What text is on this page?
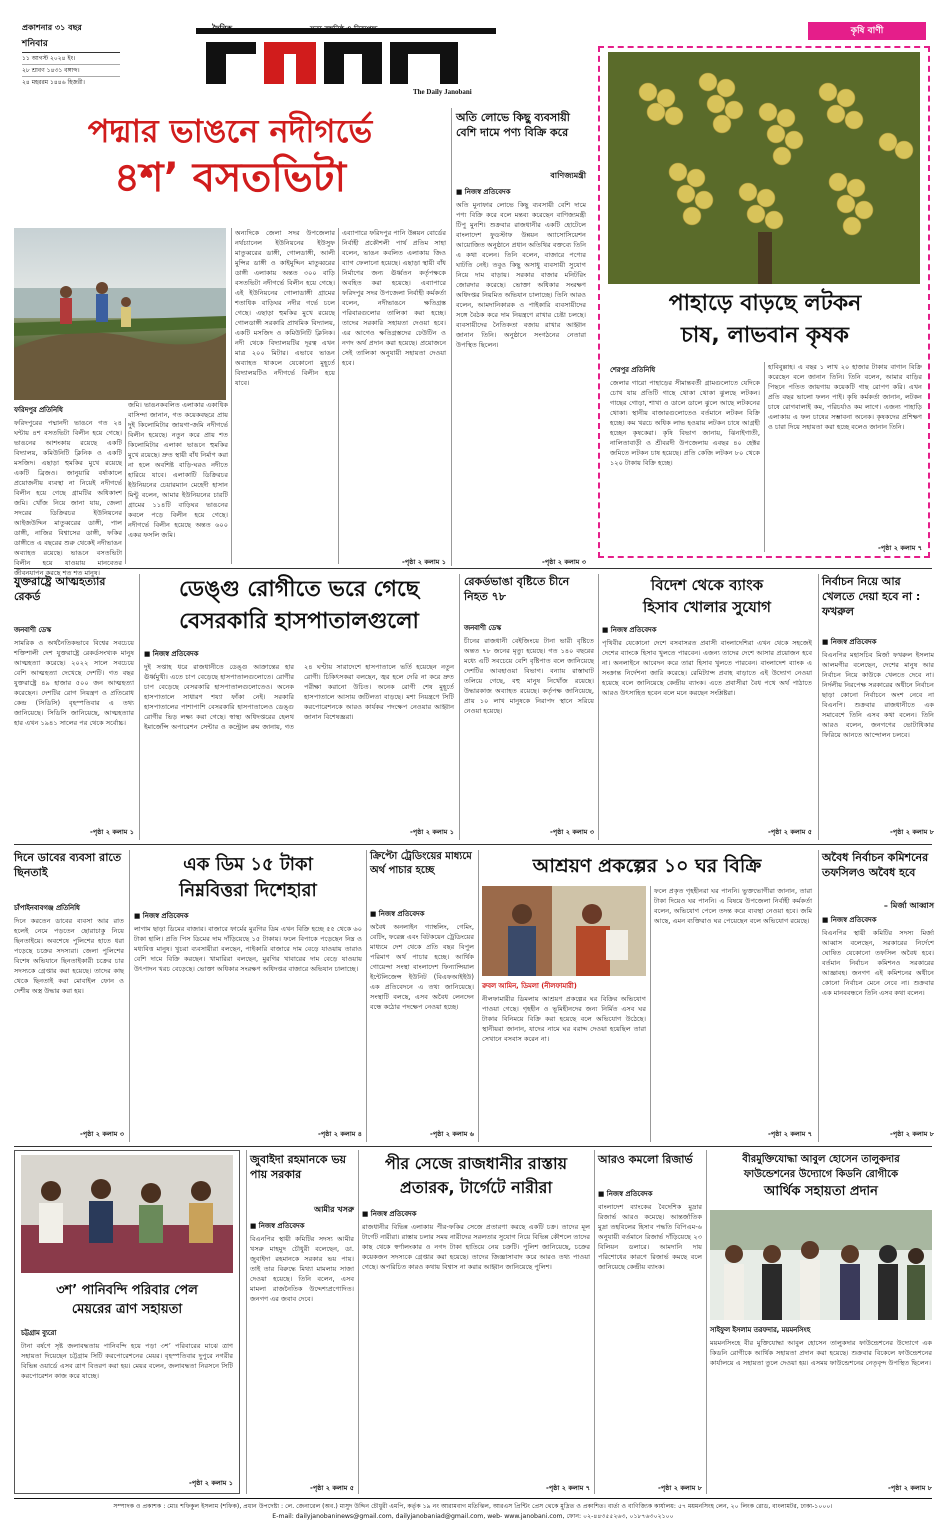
প্রকাশনার ৩১ বছর
শনিবার
১১ আগস্ট ২০২৪ ইং।
২৮ শ্রাবণ ১৪৩১ বঙ্গাব্দ।
২৪ মহররম ১৪৪৬ হিজরী।
The Daily Janobani
কৃষি বাণী
পদ্মার ভাঙনে নদীগর্ভে
৪শ’ বসতভিটা
ফরিদপুর প্রতিনিধি
ফরিদপুরের পদ্মানদী ভাঙনে গত ২৪ ঘন্টায় ৪শ বসতভিটা বিলীন হয়ে গেছে। ভাঙনের আশংকায় রয়েছে একটি বিদ্যালয়, কমিউনিটি ক্লিনিক ও একটি মসজিদ। এছাড়া হুমকির মুখে রয়েছে একটি ব্রিজও। জানুয়ারি বর্ষাকালে প্রয়োজনীয় ব্যবস্থা না নিয়েই নদীগর্ভে বিলীন হয়ে গেছে গ্রামটির অধিকাংশ জমি। খোঁজ নিয়ে জানা যায়, জেলা সদরের ডিক্রিরচর ইউনিয়নের আইজউদ্দিন মাতুব্বরের ডাঙ্গী, পাল ডাঙ্গী, নাজির বিশ্বাসের ডাঙ্গী, ফকির ডাঙ্গীতে এ বছরের শুরু থেকেই নদীভাঙন অব্যাহত রয়েছে। ভাঙনে বসতভিটা বিলীন হয়ে যাওয়ায় মানবেতর জীবনযাপন করছে শত শত মানুষ।
জমি। ভাঙনকবলিত এলাকার একাধিক বাসিন্দা জানান, গত কয়েকবছরে প্রায় দুই কিলোমিটার জায়গা-জমি নদীগর্ভে বিলীন হয়েছে। নতুন করে প্রায় শত কিলোমিটার এলাকা ভাঙনে হুমকির মুখে রয়েছে। দ্রুত স্থায়ী বাঁধ নির্মাণ করা না হলে অবশিষ্ট বাড়ি-ঘরও নদীতে হারিয়ে যাবে। এলাকাটি ডিক্রিরচর ইউনিয়নের চেয়ারম্যান মেহেদী হাসান মিন্টু বলেন, আমার ইউনিয়নের চারটি গ্রামের ১১৪টি বাড়িঘর ভাঙনের কবলে পড়ে বিলীন হয়ে গেছে। নদীগর্ভে বিলীন হয়েছে অন্তত ৬০০ একর ফসলি জমি।
অন্যদিকে জেলা সদর উপজেলার নর্থচ্যানেল ইউনিয়নের ইউসুফ মাতুব্বরের ডাঙ্গী, গোলডাঙ্গী, আলী মুন্সির ডাঙ্গী ও কাইমুদ্দিন মাতুব্বরের ডাঙ্গী এলাকায় অন্তত ৩০০ বাড়ি বসতভিটা নদীগর্ভে বিলীন হয়ে গেছে। এই ইউনিয়নের গোলাডাঙ্গী গ্রামের শতাধিক বাড়িঘর নদীর গর্ভে চলে গেছে। এছাড়া হুমকির মুখে রয়েছে গোলডাঙ্গী সরকারি প্রাথমিক বিদ্যালয়, একটি মসজিদ ও কমিউনিটি ক্লিনিক। নদী থেকে বিদ্যালয়টির দূরত্ব এখন মাত্র ২০০ মিটার। এভাবে ভাঙন অব্যাহত থাকলে যেকোনো মুহূর্তে বিদ্যালয়টিও নদীগর্ভে বিলীন হয়ে যাবে।
এব্যাপারে ফরিদপুর পানি উন্নয়ন বোর্ডের নির্বাহী প্রকৌশলী পার্থ প্রতিম সাহা বলেন, ভাঙন কবলিত এলাকায় জিও ব্যাগ ফেলানো হয়েছে। এছাড়া স্থায়ী বাঁধ নির্মাণের জন্য ঊর্ধ্বতন কর্তৃপক্ষকে অবহিত করা হয়েছে। এব্যাপারে ফরিদপুর সদর উপজেলা নির্বাহী কর্মকর্তা বলেন, নদীভাঙনে ক্ষতিগ্রস্ত পরিবারগুলোর তালিকা করা হচ্ছে। তাদের সরকারি সহায়তা দেওয়া হবে। এর আগেও ক্ষতিগ্রস্তদের ঢেউটিন ও নগদ অর্থ প্রদান করা হয়েছে। প্রয়োজনে সেই তালিকা অনুযায়ী সহায়তা দেওয়া হবে।
-পৃষ্ঠা ২ কলাম ১
অতি লোভে কিছু ব্যবসায়ী বেশি দামে পণ্য বিক্রি করে
বাণিজ্যমন্ত্রী
■ নিজস্ব প্রতিবেদক
অতি মুনাফার লোভে কিছু ব্যবসায়ী বেশি দামে পণ্য বিক্রি করে বলে মন্তব্য করেছেন বাণিজ্যমন্ত্রী টিপু মুনশি। শুক্রবার রাজধানীর একটি হোটেলে বাংলাদেশ ফুডস্টাফ উন্নয়ন অ্যাসোসিয়েশন আয়োজিত অনুষ্ঠানে প্রধান অতিথির বক্তব্যে তিনি এ কথা বলেন। তিনি বলেন, বাজারে পণ্যের ঘাটতি নেই। তবুও কিছু অসাধু ব্যবসায়ী সুযোগ নিয়ে দাম বাড়ায়। সরকার বাজার মনিটরিং জোরদার করেছে। ভোক্তা অধিকার সংরক্ষণ অধিদপ্তর নিয়মিত অভিযান চালাচ্ছে। তিনি আরও বলেন, আমদানিকারক ও পাইকারি ব্যবসায়ীদের সঙ্গে বৈঠক করে দাম নিয়ন্ত্রণে রাখার চেষ্টা চলছে। ব্যবসায়ীদের নৈতিকতা বজায় রাখার আহ্বান জানান তিনি। অনুষ্ঠানে সংগঠনের নেতারা উপস্থিত ছিলেন।
-পৃষ্ঠা ২ কলাম ৩
পাহাড়ে বাড়ছে লটকন
চাষ, লাভবান কৃষক
শেরপুর প্রতিনিধি
জেলার গারো পাহাড়ের সীমান্তবর্তী গ্রামগুলোতে যেদিকে চোখ যায় প্রতিটি গাছে থোকা থোকা ঝুলছে লটকন। গাছের গোড়া, শাখা ও ডালে ডালে ঝুলে আছে লটকনের থোকা। স্থানীয় বাজারগুলোতেও বর্তমানে লটকন বিক্রি হচ্ছে। কম খরচে অধিক লাভ হওয়ায় লটকন চাষে আগ্রহী হচ্ছেন কৃষকেরা। কৃষি বিভাগ জানায়, ঝিনাইগাতী, নালিতাবাড়ী ও শ্রীবরদী উপজেলায় এবছর ৪০ হেক্টর জমিতে লটকন চাষ হয়েছে। প্রতি কেজি লটকন ৮০ থেকে ১২০ টাকায় বিক্রি হচ্ছে।
হাবিবুল্লাহ। এ বছর ১ লাখ ২০ হাজার টাকায় বাগান বিক্রি করেছেন বলে জানান তিনি। তিনি বলেন, আমার বাড়ির পিছনে পতিত জায়গায় কয়েকটি গাছ রোপণ করি। এখন প্রতি বছর ভালো ফলন পাই। কৃষি কর্মকর্তা জানান, লটকন চাষে রোগবালাই কম, পরিচর্যাও কম লাগে। এজন্য পাহাড়ি এলাকায় এ ফল চাষের সম্ভাবনা অনেক। কৃষকদের প্রশিক্ষণ ও চারা দিয়ে সহায়তা করা হচ্ছে বলেও জানান তিনি।
-পৃষ্ঠা ২ কলাম ৭
যুক্তরাষ্ট্রে আত্মহত্যার রেকর্ড
জনবাণী ডেস্ক
সামরিক ও অর্থনৈতিকভাবে বিশ্বের সবচেয়ে শক্তিশালী দেশ যুক্তরাষ্ট্রে রেকর্ডসংখ্যক মানুষ আত্মহত্যা করেছে। ২০২২ সালে সবচেয়ে বেশি আত্মহত্যা দেখেছে দেশটি। গত বছর যুক্তরাষ্ট্রে ৪৯ হাজার ৫০০ জন আত্মহত্যা করেছেন। দেশটির রোগ নিয়ন্ত্রণ ও প্রতিরোধ কেন্দ্র (সিডিসি) বৃহস্পতিবার এ তথ্য জানিয়েছে। সিডিসি জানিয়েছে, আত্মহত্যার হার এখন ১৯৪১ সালের পর থেকে সর্বোচ্চ।
-পৃষ্ঠা ২ কলাম ১
ডেঙ্গু রোগীতে ভরে গেছে
বেসরকারি হাসপাতালগুলো
■ নিজস্ব প্রতিবেদক
দুই সপ্তাহ ধরে রাজধানীতে ডেঙ্গু আক্রান্তের হার ঊর্ধ্বমুখী। এতে চাপ বেড়েছে হাসপাতালগুলোতে। রোগীর চাপ বেড়েছে বেসরকারি হাসপাতালগুলোতেও। অনেক হাসপাতালে সাধারণ শয্যা ফাঁকা নেই। সরকারি হাসপাতালের পাশাপাশি বেসরকারি হাসপাতালেও ডেঙ্গু রোগীর ভিড় লক্ষ্য করা গেছে। স্বাস্থ্য অধিদপ্তরের হেলথ ইমার্জেন্সি অপারেশন সেন্টার ও কন্ট্রোল রুম জানায়, গত ২৪ ঘণ্টায় সারাদেশে হাসপাতালে ভর্তি হয়েছেন নতুন রোগী। চিকিৎসকরা বলছেন, জ্বর হলে দেরি না করে দ্রুত পরীক্ষা করানো উচিত। অনেক রোগী শেষ মুহূর্তে হাসপাতালে আসায় জটিলতা বাড়ছে। মশা নিয়ন্ত্রণে সিটি করপোরেশনকে আরও কার্যকর পদক্ষেপ নেওয়ার আহ্বান জানান বিশেষজ্ঞরা।
-পৃষ্ঠা ২ কলাম ১
রেকর্ডভাঙা বৃষ্টিতে চীনে নিহত ৭৮
জনবাণী ডেস্ক
চীনের রাজধানী বেইজিংয়ে টানা ভারী বৃষ্টিতে অন্তত ৭৮ জনের মৃত্যু হয়েছে। গত ১৪০ বছরের মধ্যে এটি সবচেয়ে বেশি বৃষ্টিপাত বলে জানিয়েছে দেশটির আবহাওয়া বিভাগ। বন্যায় রাস্তাঘাট তলিয়ে গেছে, বহু মানুষ নিখোঁজ রয়েছে। উদ্ধারকাজ অব্যাহত রয়েছে। কর্তৃপক্ষ জানিয়েছে, প্রায় ১০ লাখ মানুষকে নিরাপদ স্থানে সরিয়ে নেওয়া হয়েছে।
-পৃষ্ঠা ২ কলাম ৩
বিদেশ থেকে ব্যাংক
হিসাব খোলার সুযোগ
■ নিজস্ব প্রতিবেদক
পৃথিবীর যেকোনো দেশে বসবাসরত প্রবাসী বাংলাদেশিরা এখন থেকে সহজেই দেশের ব্যাংকে হিসাব খুলতে পারবেন। এজন্য তাদের দেশে আসার প্রয়োজন হবে না। অনলাইনে আবেদন করে তারা হিসাব খুলতে পারবেন। বাংলাদেশ ব্যাংক এ সংক্রান্ত নির্দেশনা জারি করেছে। রেমিট্যান্স প্রবাহ বাড়াতে এই উদ্যোগ নেওয়া হয়েছে বলে জানিয়েছে কেন্দ্রীয় ব্যাংক। এতে প্রবাসীরা বৈধ পথে অর্থ পাঠাতে আরও উৎসাহিত হবেন বলে মনে করছেন সংশ্লিষ্টরা।
-পৃষ্ঠা ২ কলাম ৫
নির্বাচন নিয়ে আর খেলতে দেয়া হবে না : ফখরুল
■ নিজস্ব প্রতিবেদক
বিএনপির মহাসচিব মির্জা ফখরুল ইসলাম আলমগীর বলেছেন, দেশের মানুষ আর নির্বাচন নিয়ে কাউকে খেলতে দেবে না। নির্দলীয় নিরপেক্ষ সরকারের অধীনে নির্বাচন ছাড়া কোনো নির্বাচনে অংশ নেবে না বিএনপি। শুক্রবার রাজধানীতে এক সমাবেশে তিনি এসব কথা বলেন। তিনি আরও বলেন, জনগণের ভোটাধিকার ফিরিয়ে আনতে আন্দোলন চলবে।
-পৃষ্ঠা ২ কলাম ৮
দিনে ডাবের ব্যবসা রাতে ছিনতাই
চাঁপাইনবাবগঞ্জ প্রতিনিধি
দিনে করতেন ডাবের ব্যবসা আর রাত হলেই নেমে পড়তেন ছোরাচাকু নিয়ে ছিনতাইয়ে। অবশেষে পুলিশের হাতে ধরা পড়েছে চক্রের সদস্যরা। জেলা পুলিশের বিশেষ অভিযানে ছিনতাইকারী চক্রের চার সদস্যকে গ্রেপ্তার করা হয়েছে। তাদের কাছ থেকে ছিনতাই করা মোবাইল ফোন ও দেশীয় অস্ত্র উদ্ধার করা হয়।
-পৃষ্ঠা ২ কলাম ৩
এক ডিম ১৫ টাকা
নিম্নবিত্তরা দিশেহারা
■ নিজস্ব প্রতিবেদক
লাগাম ছাড়া ডিমের বাজার। বাজারে ফার্মের মুরগির ডিম এখন বিক্রি হচ্ছে ৫৫ থেকে ৬০ টাকা হালি। প্রতি পিস ডিমের দাম দাঁড়িয়েছে ১৫ টাকায়। ফলে বিপাকে পড়েছেন নিম্ন ও মধ্যবিত্ত মানুষ। খুচরা ব্যবসায়ীরা বলছেন, পাইকারি বাজারে দাম বেড়ে যাওয়ায় তারাও বেশি দামে বিক্রি করছেন। খামারিরা বলছেন, মুরগির খাবারের দাম বেড়ে যাওয়ায় উৎপাদন খরচ বেড়েছে। ভোক্তা অধিকার সংরক্ষণ অধিদপ্তর বাজারে অভিযান চালাচ্ছে।
-পৃষ্ঠা ২ কলাম ৪
ক্রিপ্টো ট্রেডিংয়ের মাধ্যমে অর্থ পাচার হচ্ছে
■ নিজস্ব প্রতিবেদক
অবৈধ অনলাইন গ্যাম্বলিং, গেমিং, বেটিং, ফরেক্স এবং বিটকয়েন ট্রেডিংয়ের মাধ্যমে দেশ থেকে প্রতি বছর বিপুল পরিমাণ অর্থ পাচার হচ্ছে। আর্থিক গোয়েন্দা সংস্থা বাংলাদেশ ফিন্যান্সিয়াল ইন্টেলিজেন্স ইউনিট (বিএফআইইউ) এক প্রতিবেদনে এ তথ্য জানিয়েছে। সংস্থাটি বলছে, এসব অবৈধ লেনদেন বন্ধে কঠোর পদক্ষেপ নেওয়া হচ্ছে।
-পৃষ্ঠা ২ কলাম ৬
আশ্রয়ণ প্রকল্পের ১০ ঘর বিক্রি
রুবল আমিন, ডিমলা (নীলফামারী)
নীলফামারীর ডিমলায় আশ্রয়ণ প্রকল্পের ঘর বিক্রির অভিযোগ পাওয়া গেছে। গৃহহীন ও ভূমিহীনদের জন্য নির্মিত এসব ঘর টাকার বিনিময়ে বিক্রি করা হয়েছে বলে অভিযোগ উঠেছে। স্থানীয়রা জানান, যাদের নামে ঘর বরাদ্দ দেওয়া হয়েছিল তারা সেখানে বসবাস করেন না।
ফলে প্রকৃত গৃহহীনরা ঘর পাননি। ভুক্তভোগীরা জানান, তারা টাকা দিয়েও ঘর পাননি। এ বিষয়ে উপজেলা নির্বাহী কর্মকর্তা বলেন, অভিযোগ পেলে তদন্ত করে ব্যবস্থা নেওয়া হবে। জমি আছে, এমন ব্যক্তিরাও ঘর পেয়েছেন বলে অভিযোগ রয়েছে।
-পৃষ্ঠা ২ কলাম ৭
অবৈধ নির্বাচন কমিশনের তফসিলও অবৈধ হবে
– মির্জা আব্বাস
■ নিজস্ব প্রতিবেদক
বিএনপির স্থায়ী কমিটির সদস্য মির্জা আব্বাস বলেছেন, সরকারের নির্দেশে ঘোষিত যেকোনো তফসিল অবৈধ হবে। বর্তমান নির্বাচন কমিশনও সরকারের আজ্ঞাবহ। জনগণ এই কমিশনের অধীনে কোনো নির্বাচন মেনে নেবে না। শুক্রবার এক মানববন্ধনে তিনি এসব কথা বলেন।
-পৃষ্ঠা ২ কলাম ৮
৩শ’ পানিবন্দি পরিবার পেল
মেয়রের ত্রাণ সহায়তা
চট্টগ্রাম ব্যুরো
টানা বর্ষণে সৃষ্ট জলাবদ্ধতায় পানিবন্দি হয়ে পড়া ৩শ’ পরিবারের মাঝে ত্রাণ সহায়তা দিয়েছেন চট্টগ্রাম সিটি করপোরেশনের মেয়র। বৃহস্পতিবার দুপুরে নগরীর বিভিন্ন ওয়ার্ডে এসব ত্রাণ বিতরণ করা হয়। মেয়র বলেন, জলাবদ্ধতা নিরসনে সিটি করপোরেশন কাজ করে যাচ্ছে।
-পৃষ্ঠা ২ কলাম ১
জুবাইদা রহমানকে ভয় পায় সরকার
আমীর খসরু
■ নিজস্ব প্রতিবেদক
বিএনপির স্থায়ী কমিটির সদস্য আমীর খসরু মাহমুদ চৌধুরী বলেছেন, ডা. জুবাইদা রহমানকে সরকার ভয় পায়। তাই তার বিরুদ্ধে মিথ্যা মামলায় সাজা দেওয়া হয়েছে। তিনি বলেন, এসব মামলা রাজনৈতিক উদ্দেশ্যপ্রণোদিত। জনগণ এর জবাব দেবে।
-পৃষ্ঠা ২ কলাম ৫
পীর সেজে রাজধানীর রাস্তায়
প্রতারক, টার্গেটে নারীরা
■ নিজস্ব প্রতিবেদক
রাজধানীর বিভিন্ন এলাকায় পীর-ফকির সেজে প্রতারণা করছে একটি চক্র। তাদের মূল টার্গেট নারীরা। রাস্তায় চলার সময় নারীদের সরলতার সুযোগ নিয়ে বিভিন্ন কৌশলে তাদের কাছ থেকে স্বর্ণালংকার ও নগদ টাকা হাতিয়ে নেয় চক্রটি। পুলিশ জানিয়েছে, চক্রের কয়েকজন সদস্যকে গ্রেপ্তার করা হয়েছে। তাদের জিজ্ঞাসাবাদ করে আরও তথ্য পাওয়া গেছে। অপরিচিত কারও কথায় বিশ্বাস না করার আহ্বান জানিয়েছে পুলিশ।
-পৃষ্ঠা ২ কলাম ৭
আরও কমলো রিজার্ভ
■ নিজস্ব প্রতিবেদক
বাংলাদেশ ব্যাংকের বৈদেশিক মুদ্রার রিজার্ভ আরও কমেছে। আন্তর্জাতিক মুদ্রা তহবিলের হিসাব পদ্ধতি বিপিএম-৬ অনুযায়ী বর্তমানে রিজার্ভ দাঁড়িয়েছে ২৩ বিলিয়ন ডলারে। আমদানি দায় পরিশোধের কারণে রিজার্ভ কমছে বলে জানিয়েছে কেন্দ্রীয় ব্যাংক।
-পৃষ্ঠা ২ কলাম ৮
বীরমুক্তিযোদ্ধা আবুল হোসেন তালুকদার
ফাউন্ডেশনের উদ্যোগে কিডনি রোগীকে
আর্থিক সহায়তা প্রদান
সাইফুল ইসলাম তরফদার, ময়মনসিংহ
ময়মনসিংহে বীর মুক্তিযোদ্ধা আবুল হোসেন তালুকদার ফাউন্ডেশনের উদ্যোগে এক কিডনি রোগীকে আর্থিক সহায়তা প্রদান করা হয়েছে। শুক্রবার বিকেলে ফাউন্ডেশনের কার্যালয়ে এ সহায়তা তুলে দেওয়া হয়। এসময় ফাউন্ডেশনের নেতৃবৃন্দ উপস্থিত ছিলেন।
-পৃষ্ঠা ২ কলাম ৮
সম্পাদক ও প্রকাশক : মোঃ শফিকুল ইসলাম (শফিক), প্রধান উপদেষ্টা : লে. জেনারেল (অব.) মাসুদ উদ্দিন চৌধুরী এমপি, কর্তৃক ১৯ নং আরামবাগ মতিঝিল, আরএস প্রিন্টিং প্রেস থেকে মুদ্রিত ও প্রকাশিত। বার্তা ও বাণিজ্যিক কার্যালয়: ৫৭ ময়মনসিংহ লেন, ২০ লিংক রোড, বাংলামটর, ঢাকা-১০০০।
E-mail: dailyjanobaninews@gmail.com, dailyjanobaniad@gmail.com, web- www.janobani.com, ফোন: ০২-৪৪৩৫৫২৬৩, ০১৮৭৬৩০২১০০
